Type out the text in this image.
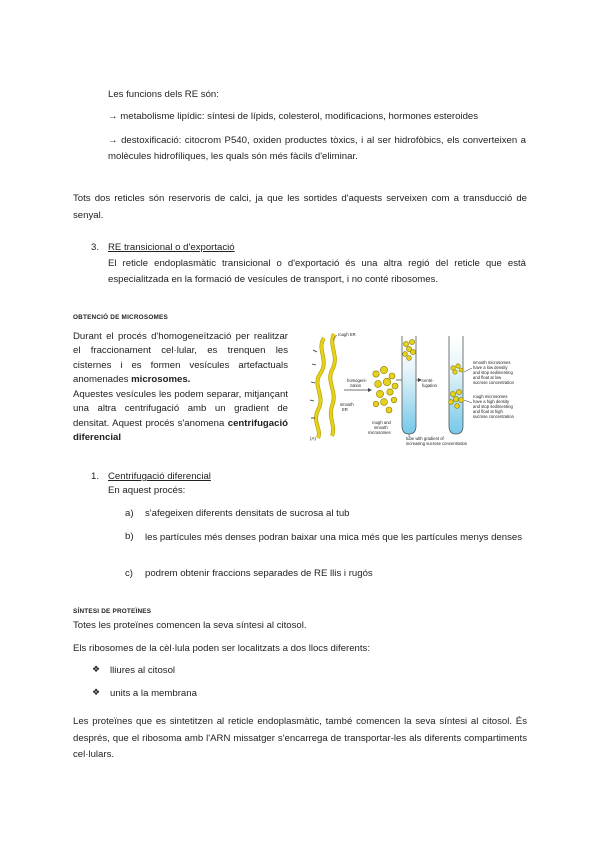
Les funcions dels RE són:

→ metabolisme lipídic: síntesi de lípids, colesterol, modificacions, hormones esteroides

→ destoxificació: citocrom P540, oxiden productes tòxics, i al ser hidrofòbics, els converteixen a molècules hidrofíliques, les quals són més fàcils d'eliminar.

Tots dos reticles són reservoris de calci, ja que les sortides d'aquests serveixen com a transducció de senyal.

3. RE transicional o d'exportació

El reticle endoplasmàtic transicional o d'exportació és una altra regió del reticle que està especialitzada en la formació de vesícules de transport, i no conté ribosomes.

OBTENCIÓ DE MICROSOMES

Durant el procés d'homogeneïtzació per realitzar el fraccionament cel·lular, es trenquen les cisternes i es formen vesícules artefactuals anomenades microsomes.

Aquestes vesícules les podem separar, mitjançant una altra centrifugació amb un gradient de densitat. Aquest procés s'anomena centrifugació diferencial

rough ER
homogeni-
zation
smooth
ER
rough and
smooth
microsomes
centri-
fugation
(A)	tube with gradient of
increasing sucrose concentration
smooth microsomes
have a low density
and stop sedimenting
and float at low
sucrose concentration
rough microsomes
have a high density
and stop sedimenting
and float at high
sucrose concentration
1. Centrifugació diferencial
En aquest procés:
a) s'afegeixen diferents densitats de sucrosa al tub

b) les partícules més denses podran baixar una mica més que les partícules menys denses

c) podrem obtenir fraccions separades de RE llis i rugós

SÍNTESI DE PROTEÏNES

Totes les proteïnes comencen la seva síntesi al citosol.

Els ribosomes de la cèl·lula poden ser localitzats a dos llocs diferents:

❖ lliures al citosol
❖ units a la membrana

Les proteïnes que es sintetitzen al reticle endoplasmàtic, també comencen la seva síntesi al citosol. És després, que el ribosoma amb l'ARN missatger s'encarrega de transportar-les als diferents compartiments cel·lulars.
